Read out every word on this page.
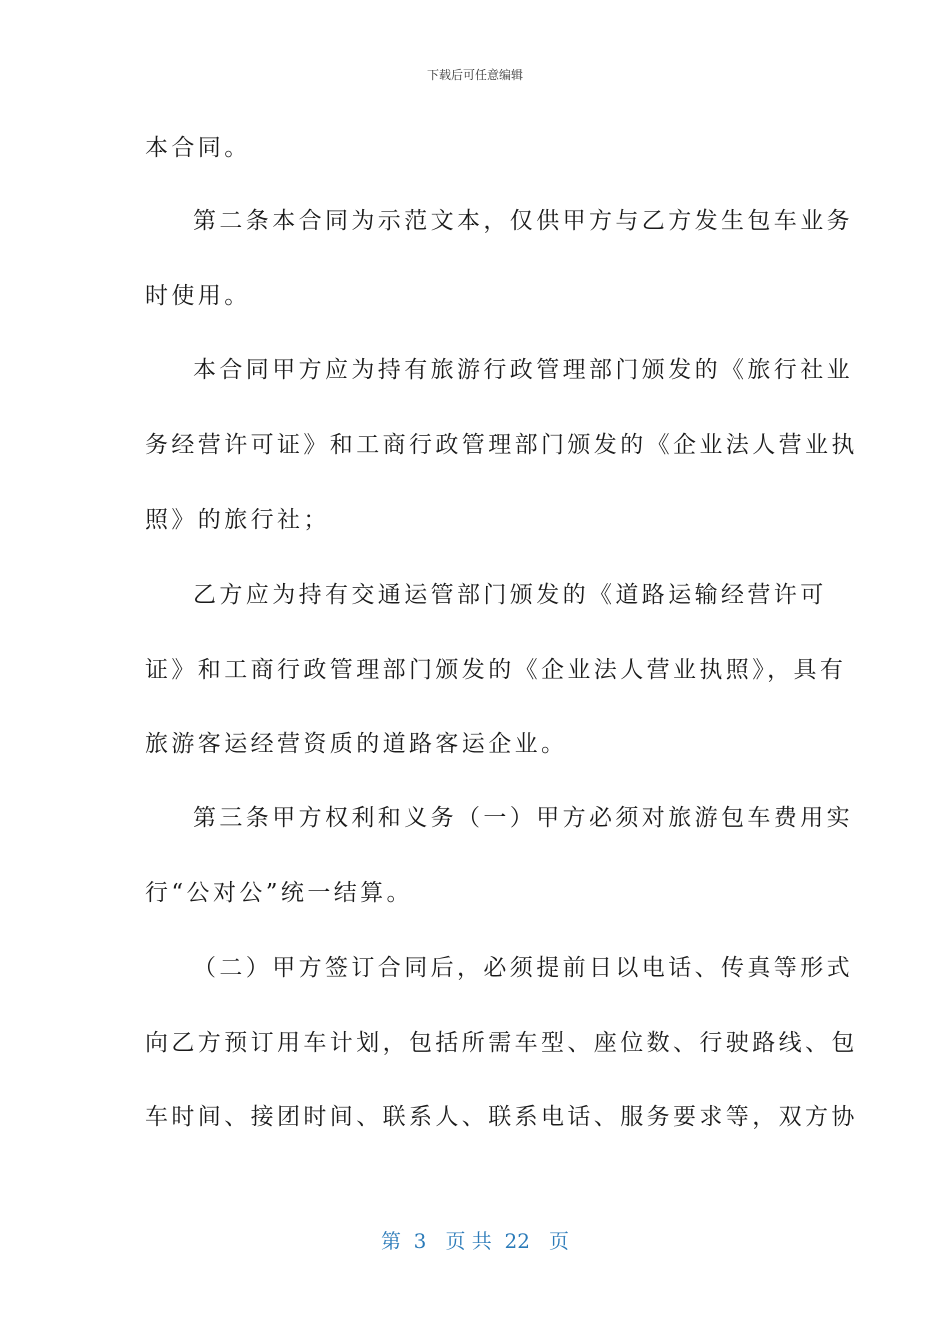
下载后可任意编辑
本合同。
第二条本合同为示范文本，仅供甲方与乙方发生包车业务
时使用。
本合同甲方应为持有旅游行政管理部门颁发的《旅行社业
务经营许可证》和工商行政管理部门颁发的《企业法人营业执
照》的旅行社；
乙方应为持有交通运管部门颁发的《道路运输经营许可
证》和工商行政管理部门颁发的《企业法人营业执照》，具有
旅游客运经营资质的道路客运企业。
第三条甲方权利和义务（一）甲方必须对旅游包车费用实
行“公对公”统一结算。
（二）甲方签订合同后，必须提前日以电话、传真等形式
向乙方预订用车计划，包括所需车型、座位数、行驶路线、包
车时间、接团时间、联系人、联系电话、服务要求等，双方协
第  3   页 共  22   页
